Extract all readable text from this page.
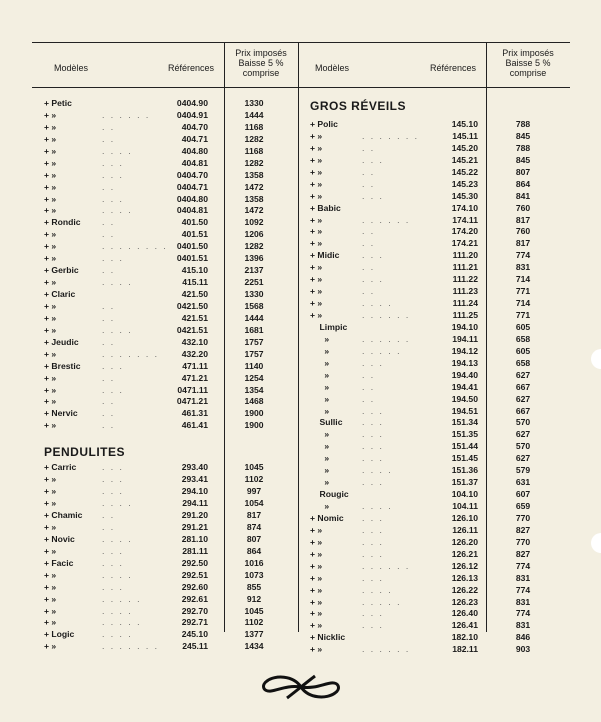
Modèles	Références
Prix imposés
Baisse 5 %
comprise	Modèles	Références
Prix imposés
Baisse 5 %
comprise
+ Petic	0404.90	1330
+ »	. . . . . .	0404.91	1444
+ »	. .	404.70	1168
+ »	. .	404.71	1282
+ »	. . . .	404.80	1168
+ »	. . .	404.81	1282
+ »	. . .	0404.70	1358
+ »	. .	0404.71	1472
+ »	. . .	0404.80	1358
+ »	. . . .	0404.81	1472
+ Rondic . .	401.50	1092
+ »	. .	401.51	1206
+ »	. . . . . . . .	0401.50	1282
+ »	. . .	0401.51	1396
+ Gerbic	. .	415.10	2137
+ »	. . . .	415.11	2251
+ Claric	421.50	1330
+ »	. .	0421.50	1568
+ »	. .	421.51	1444
+ »	. . . .	0421.51	1681
+ Jeudic	. .	432.10	1757
+ »	. . . . . . .	432.20	1757
+ Brestic . . .	471.11	1140
+ »	. .	471.21	1254
+ »	. . .	0471.11	1354
+ »	. .	0471.21	1468
+ Nervic	. .	461.31	1900
+ »	. .	461.41	1900
PENDULITES
+ Carric	. . .	293.40	1045
+ »	. . .	293.41	1102
+ »	. . .	294.10	997
+ »	. . . .	294.11	1054
+ Chamic . .	291.20	817
+ »	. .	291.21	874
+ Novic	. . . .	281.10	807
+ »	. . .	281.11	864
+ Facic	. . .	292.50	1016
+ »	. . . .	292.51	1073
+ »	. . .	292.60	855
+ »	. . . . .	292.61	912
+ »	. . . .	292.70	1045
+ »	. . . . .	292.71	1102
+ Logic	. . . .	245.10	1377
+ »	. . . . . . .	245.11	1434
GROS RÉVEILS
+ Polic	145.10	788
+ »	. . . . . . .	145.11	845
+ »	. .	145.20	788
+ »	. . .	145.21	845
+ »	. .	145.22	807
+ »	. .	145.23	864
+ »	. . .	145.30	841
+ Babic	174.10	760
+ »	. . . . . .	174.11	817
+ »	. .	174.20	760
+ »	. .	174.21	817
+ Midic	. . .	111.20	774
+ »	. .	111.21	831
+ »	. . .	111.22	714
+ »	. .	111.23	771
+ »	. . . .	111.24	714
+ »	. . . . . .	111.25	771
Limpic	194.10	605
»	. . . . . .	194.11	658
»	. . . . .	194.12	605
»	. . .	194.13	658
»	. .	194.40	627
»	. .	194.41	667
»	. .	194.50	627
»	. . .	194.51	667
Sullic . . .	151.34	570
»	. . .	151.35	627
»	. . .	151.44	570
»	. . .	151.45	627
»	. . . .	151.36	579
»	. . .	151.37	631
Rougic	104.10	607
»	. . . .	104.11	659
+ Nomic . . .	126.10	770
+ »	. . .	126.11	827
+ »	. . .	126.20	770
+ »	. . .	126.21	827
+ »	. . . . . .	126.12	774
+ »	. . .	126.13	831
+ »	. . . .	126.22	774
+ »	. . . . .	126.23	831
+ »	. . .	126.40	774
+ »	. . .	126.41	831
+ Nicklic	182.10	846
+ »	. . . . . .	182.11	903
